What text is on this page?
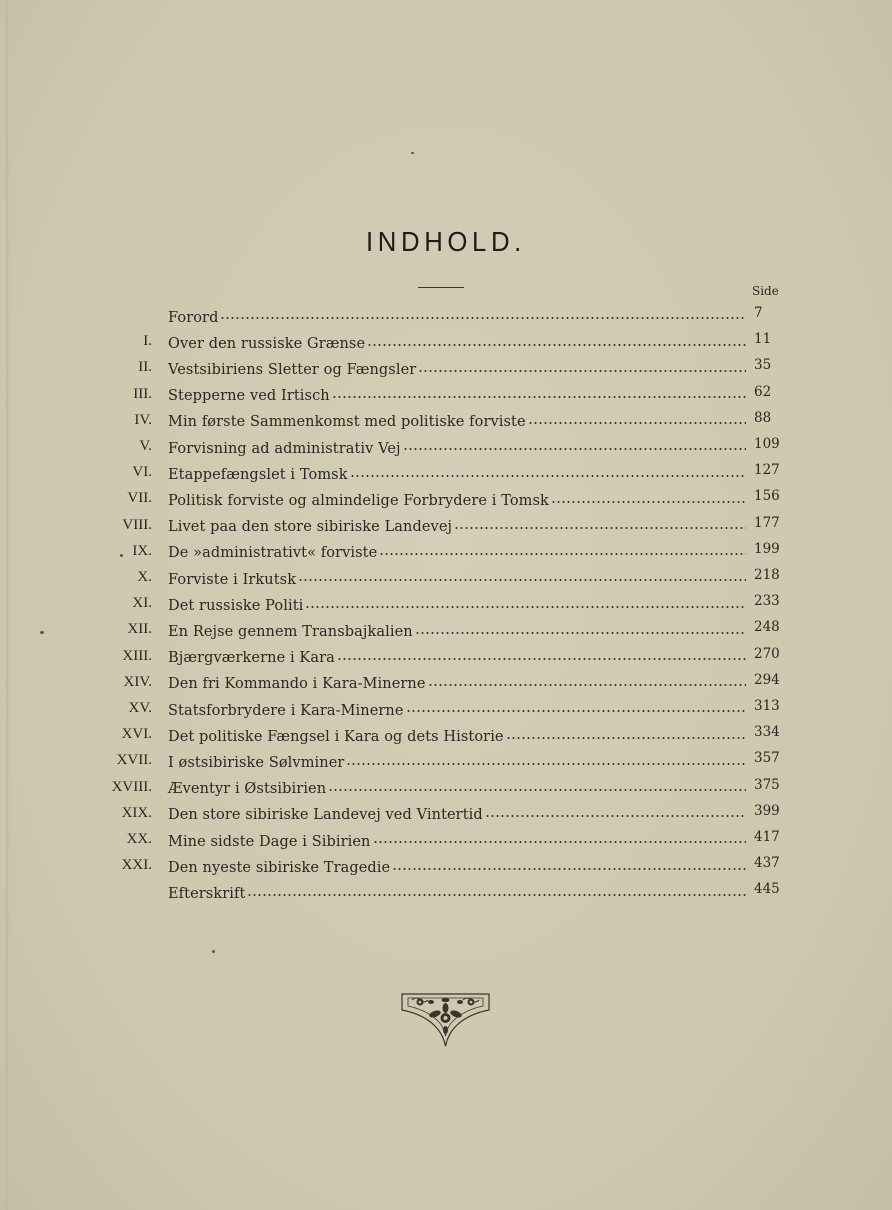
INDHOLD.
Side
Forord	7
I. Over den russiske Grænse	11
II. Vestsibiriens Sletter og Fængsler	35
III. Stepperne ved Irtisch	62
IV. Min første Sammenkomst med politiske forviste	88
V. Forvisning ad administrativ Vej	109
VI. Etappefængslet i Tomsk	127
VII. Politisk forviste og almindelige Forbrydere i Tomsk	156
VIII. Livet paa den store sibiriske Landevej	177
IX. De »administrativt« forviste	199
X. Forviste i Irkutsk	218
XI. Det russiske Politi	233
XII. En Rejse gennem Transbajkalien	248
XIII. Bjærgværkerne i Kara	270
XIV. Den fri Kommando i Kara-Minerne	294
XV. Statsforbrydere i Kara-Minerne	313
XVI. Det politiske Fængsel i Kara og dets Historie	334
XVII. I østsibiriske Sølvminer	357
XVIII. Æventyr i Østsibirien	375
XIX. Den store sibiriske Landevej ved Vintertid	399
XX. Mine sidste Dage i Sibirien	417
XXI. Den nyeste sibiriske Tragedie	437
Efterskrift	445
